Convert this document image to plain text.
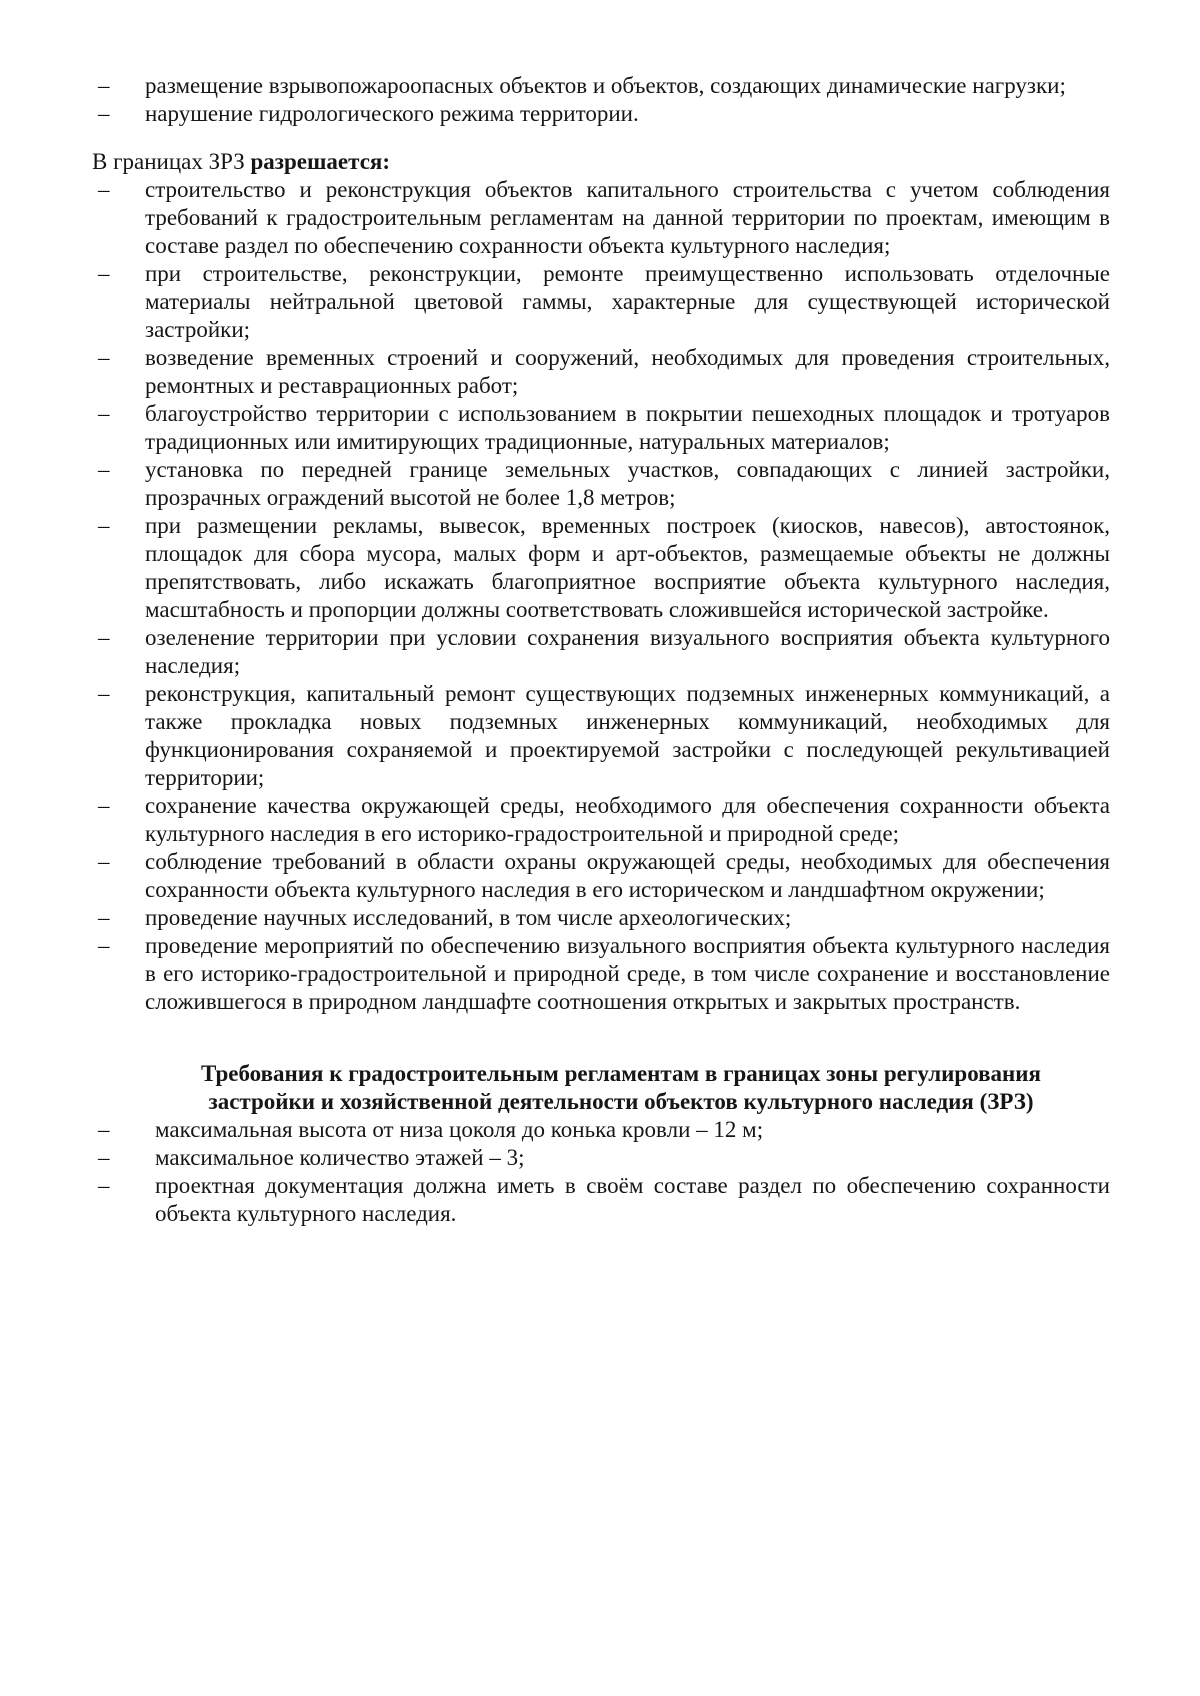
– размещение взрывопожароопасных объектов и объектов, создающих динамические нагрузки;
– нарушение гидрологического режима территории.

В границах ЗРЗ разрешается:

– строительство и реконструкция объектов капитального строительства с учетом соблюдения требований к градостроительным регламентам на данной территории по проектам, имеющим в составе раздел по обеспечению сохранности объекта культурного наследия;
– при строительстве, реконструкции, ремонте преимущественно использовать отделочные материалы нейтральной цветовой гаммы, характерные для существующей исторической застройки;
– возведение временных строений и сооружений, необходимых для проведения строительных, ремонтных и реставрационных работ;
– благоустройство территории с использованием в покрытии пешеходных площадок и тротуаров традиционных или имитирующих традиционные, натуральных материалов;
– установка по передней границе земельных участков, совпадающих с линией застройки, прозрачных ограждений высотой не более 1,8 метров;
– при размещении рекламы, вывесок, временных построек (киосков, навесов), автостоянок, площадок для сбора мусора, малых форм и арт-объектов, размещаемые объекты не должны препятствовать, либо искажать благоприятное восприятие объекта культурного наследия, масштабность и пропорции должны соответствовать сложившейся исторической застройке.
– озеленение территории при условии сохранения визуального восприятия объекта культурного наследия;
– реконструкция, капитальный ремонт существующих подземных инженерных коммуникаций, а также прокладка новых подземных инженерных коммуникаций, необходимых для функционирования сохраняемой и проектируемой застройки с последующей рекультивацией территории;
– сохранение качества окружающей среды, необходимого для обеспечения сохранности объекта культурного наследия в его историко-градостроительной и природной среде;
– соблюдение требований в области охраны окружающей среды, необходимых для обеспечения сохранности объекта культурного наследия в его историческом и ландшафтном окружении;
– проведение научных исследований, в том числе археологических;
– проведение мероприятий по обеспечению визуального восприятия объекта культурного наследия в его историко-градостроительной и природной среде, в том числе сохранение и восстановление сложившегося в природном ландшафте соотношения открытых и закрытых пространств.

Требования к градостроительным регламентам в границах зоны регулирования
застройки и хозяйственной деятельности объектов культурного наследия (ЗРЗ)

– максимальная высота от низа цоколя до конька кровли – 12 м;
– максимальное количество этажей – 3;
– проектная документация должна иметь в своём составе раздел по обеспечению сохранности объекта культурного наследия.
